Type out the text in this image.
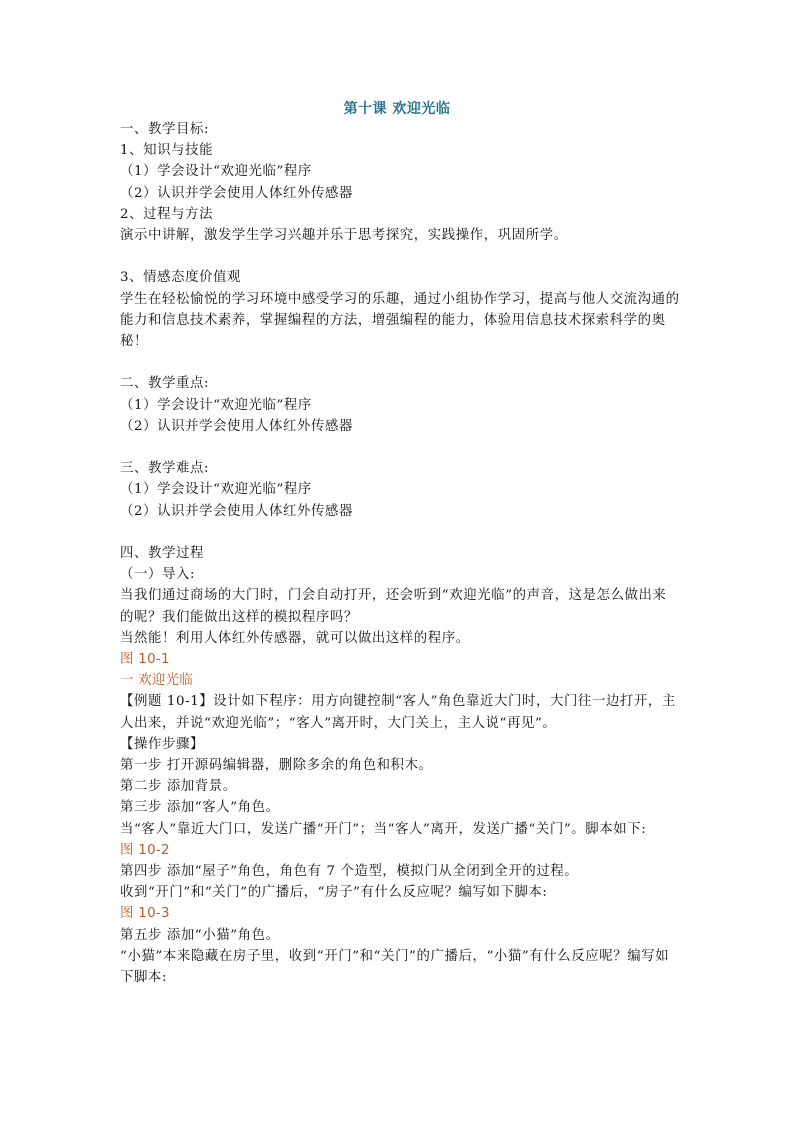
第十课 欢迎光临

一、教学目标:

1、知识与技能

（1）学会设计“欢迎光临”程序

（2）认识并学会使用人体红外传感器

2、过程与方法

演示中讲解，激发学生学习兴趣并乐于思考探究，实践操作，巩固所学。

3、情感态度价值观

学生在轻松愉悦的学习环境中感受学习的乐趣，通过小组协作学习，提高与他人交流沟通的能力和信息技术素养，掌握编程的方法，增强编程的能力，体验用信息技术探索科学的奥秘！

二、教学重点:

（1）学会设计“欢迎光临”程序

（2）认识并学会使用人体红外传感器

三、教学难点:

（1）学会设计“欢迎光临”程序

（2）认识并学会使用人体红外传感器

四、教学过程

（一）导入:

当我们通过商场的大门时，门会自动打开，还会听到“欢迎光临”的声音，这是怎么做出来的呢？我们能做出这样的模拟程序吗？

当然能！利用人体红外传感器，就可以做出这样的程序。

图 10-1

一 欢迎光临

【例题 10-1】设计如下程序：用方向键控制“客人”角色靠近大门时，大门往一边打开，主人出来，并说“欢迎光临”；“客人”离开时，大门关上，主人说“再见”。

【操作步骤】

第一步 打开源码编辑器，删除多余的角色和积木。

第二步 添加背景。

第三步 添加“客人”角色。

当“客人”靠近大门口，发送广播“开门”；当“客人”离开，发送广播“关门”。脚本如下:

图 10-2

第四步 添加“屋子”角色，角色有 7 个造型，模拟门从全闭到全开的过程。

收到“开门”和“关门”的广播后，“房子”有什么反应呢？编写如下脚本:

图 10-3

第五步 添加“小猫”角色。

“小猫”本来隐藏在房子里，收到“开门”和“关门”的广播后，“小猫”有什么反应呢？编写如下脚本:
